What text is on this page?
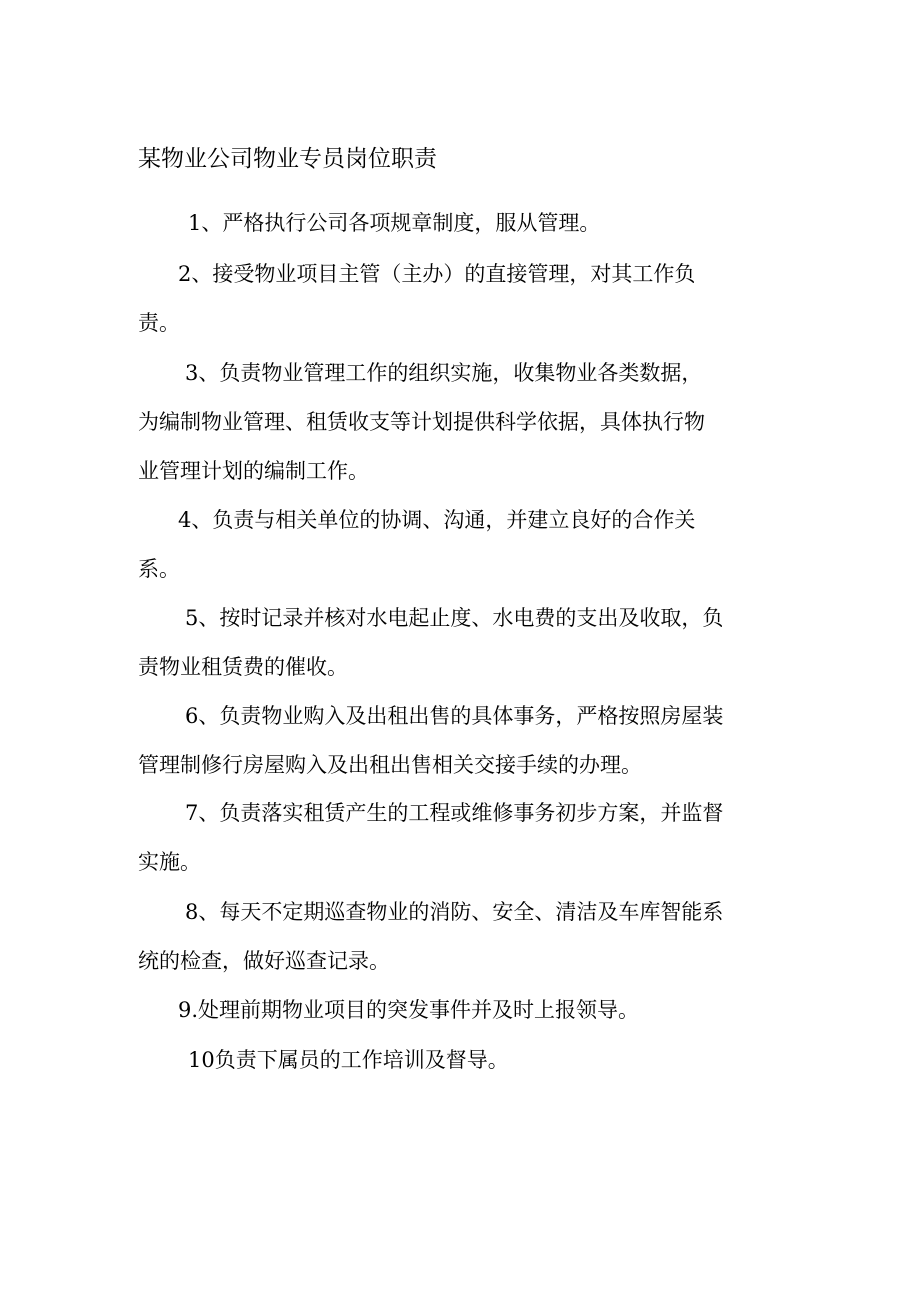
某物业公司物业专员岗位职责
1、严格执行公司各项规章制度，服从管理。
2、接受物业项目主管（主办）的直接管理，对其工作负
责。
3、负责物业管理工作的组织实施，收集物业各类数据，
为编制物业管理、租赁收支等计划提供科学依据，具体执行物
业管理计划的编制工作。
4、负责与相关单位的协调、沟通，并建立良好的合作关
系。
5、按时记录并核对水电起止度、水电费的支出及收取，负
责物业租赁费的催收。
6、负责物业购入及出租出售的具体事务，严格按照房屋装
管理制修行房屋购入及出租出售相关交接手续的办理。
7、负责落实租赁产生的工程或维修事务初步方案，并监督
实施。
8、每天不定期巡查物业的消防、安全、清洁及车库智能系
统的检查，做好巡查记录。
9.处理前期物业项目的突发事件并及时上报领导。
10负责下属员的工作培训及督导。
